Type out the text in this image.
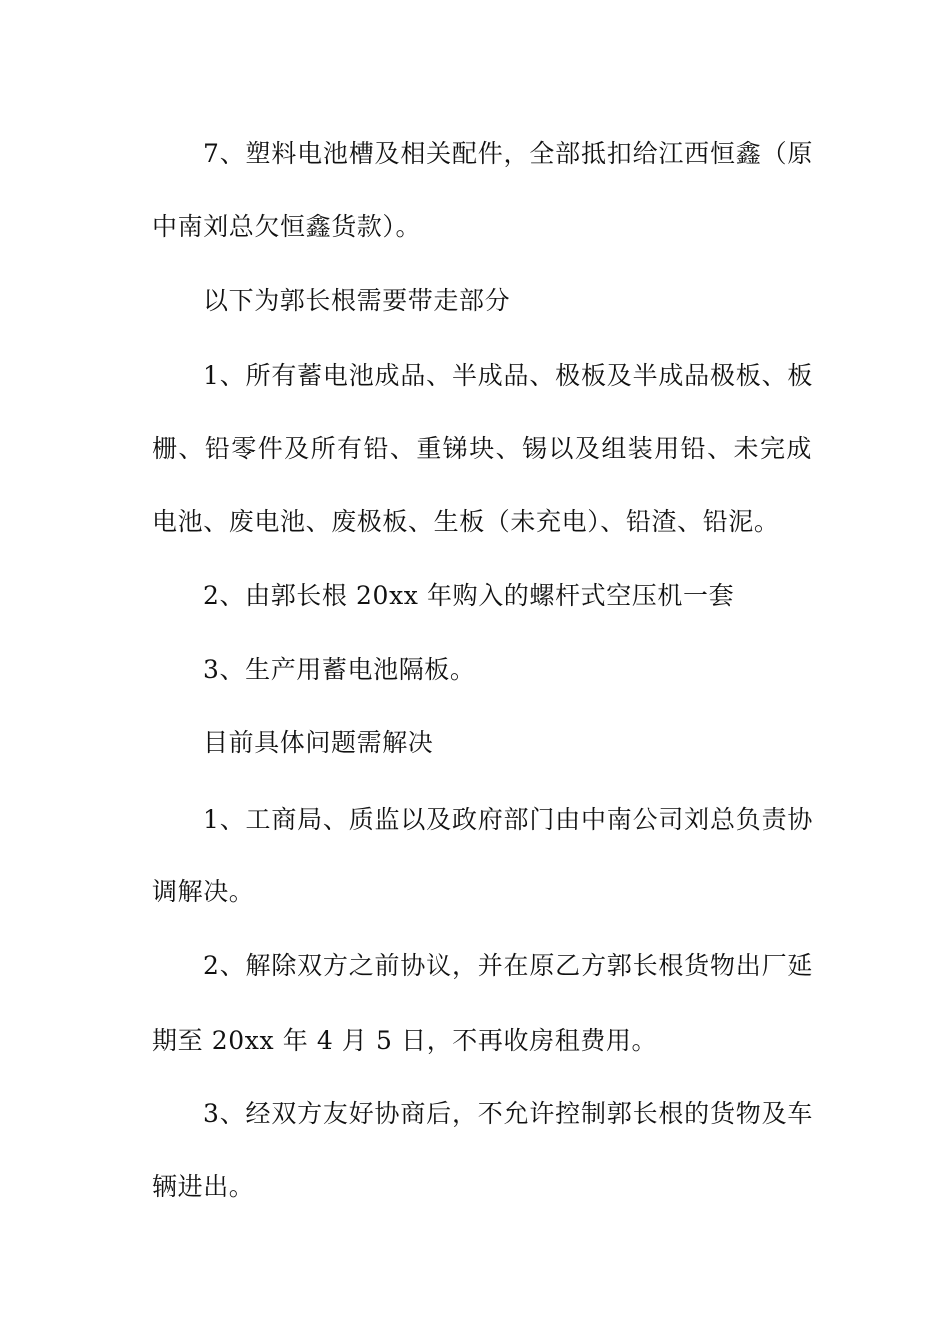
7、塑料电池槽及相关配件，全部抵扣给江西恒鑫（原
中南刘总欠恒鑫货款）。
以下为郭长根需要带走部分
1、所有蓄电池成品、半成品、极板及半成品极板、板
栅、铅零件及所有铅、重锑块、锡以及组装用铅、未完成
电池、废电池、废极板、生板（未充电）、铅渣、铅泥。
2、由郭长根 20xx 年购入的螺杆式空压机一套
3、生产用蓄电池隔板。
目前具体问题需解决
1、工商局、质监以及政府部门由中南公司刘总负责协
调解决。
2、解除双方之前协议，并在原乙方郭长根货物出厂延
期至 20xx 年 4 月 5 日，不再收房租费用。
3、经双方友好协商后，不允许控制郭长根的货物及车
辆进出。
